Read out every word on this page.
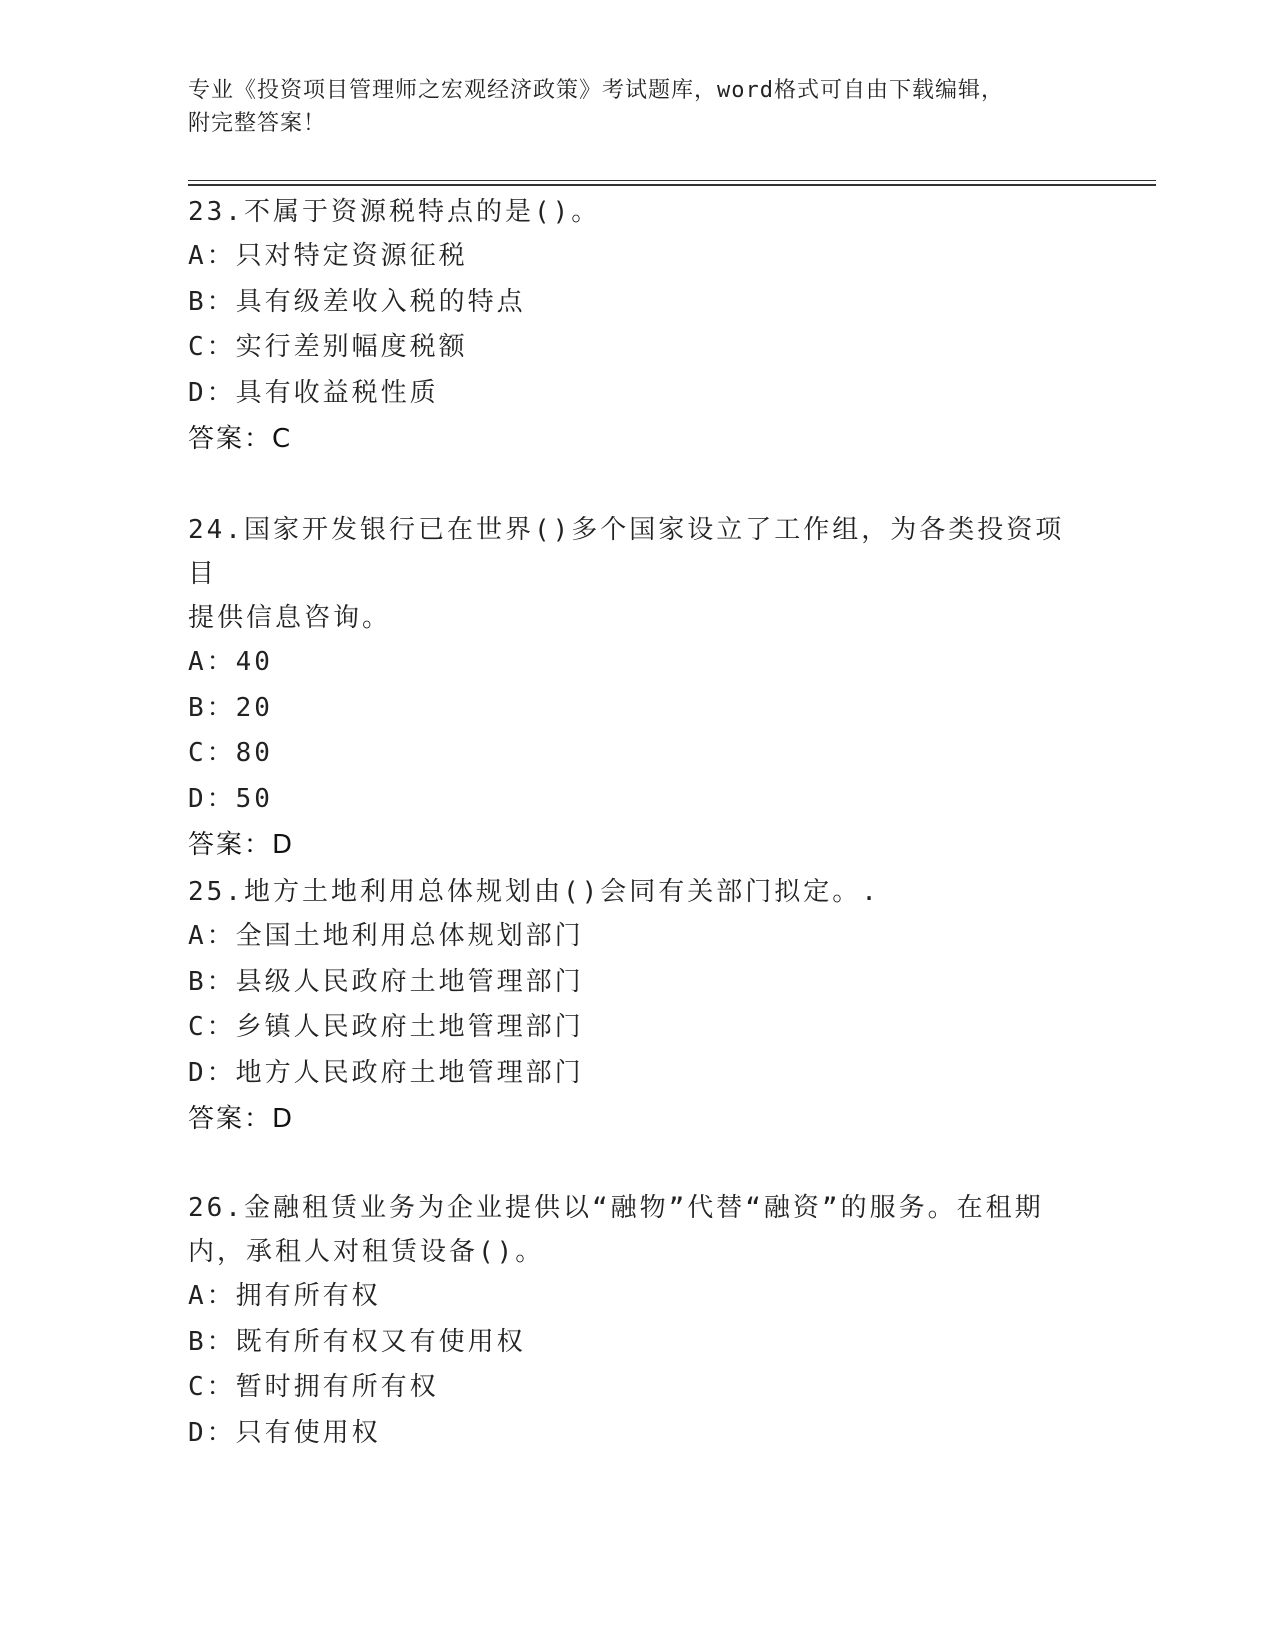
专业《投资项目管理师之宏观经济政策》考试题库，word格式可自由下载编辑，
附完整答案！
23.不属于资源税特点的是()。
A：只对特定资源征税
B：具有级差收入税的特点
C：实行差别幅度税额
D：具有收益税性质
答案：C
24.国家开发银行已在世界()多个国家设立了工作组，为各类投资项目
提供信息咨询。
A：40
B：20
C：80
D：50
答案：D
25.地方土地利用总体规划由()会同有关部门拟定。.
A：全国土地利用总体规划部门
B：县级人民政府土地管理部门
C：乡镇人民政府土地管理部门
D：地方人民政府土地管理部门
答案：D
26.金融租赁业务为企业提供以“融物”代替“融资”的服务。在租期
内，承租人对租赁设备()。
A：拥有所有权
B：既有所有权又有使用权
C：暂时拥有所有权
D：只有使用权
